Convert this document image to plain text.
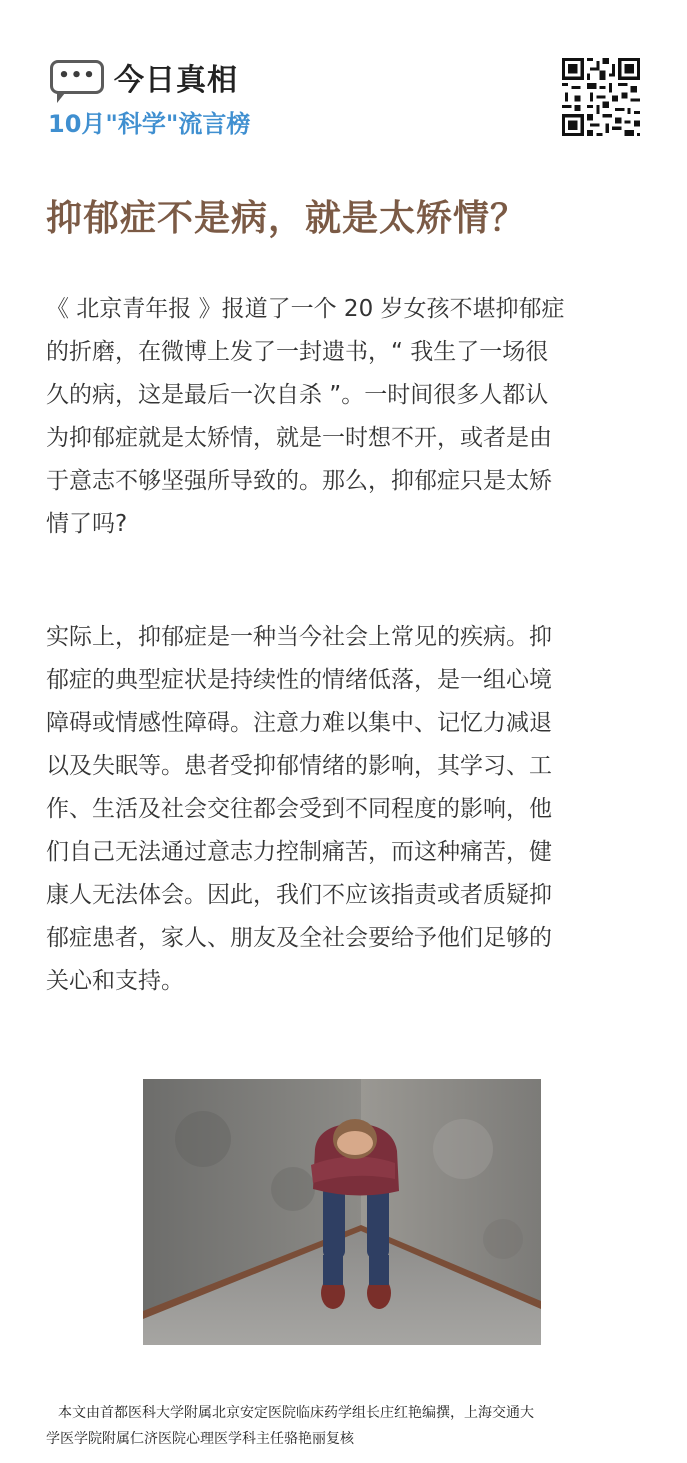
••• 今日真相
10月"科学"流言榜
抑郁症不是病，就是太矫情？
《 北京青年报 》报道了一个 20 岁女孩不堪抑郁症
的折磨，在微博上发了一封遗书，“ 我生了一场很
久的病，这是最后一次自杀 ”。一时间很多人都认
为抑郁症就是太矫情，就是一时想不开，或者是由
于意志不够坚强所导致的。那么，抑郁症只是太矫
情了吗?
实际上，抑郁症是一种当今社会上常见的疾病。抑
郁症的典型症状是持续性的情绪低落，是一组心境
障碍或情感性障碍。注意力难以集中、记忆力减退
以及失眠等。患者受抑郁情绪的影响，其学习、工
作、生活及社会交往都会受到不同程度的影响，他
们自己无法通过意志力控制痛苦，而这种痛苦，健
康人无法体会。因此，我们不应该指责或者质疑抑
郁症患者，家人、朋友及全社会要给予他们足够的
关心和支持。
本文由首都医科大学附属北京安定医院临床药学组长庄红艳编撰，上海交通大
学医学院附属仁济医院心理医学科主任骆艳丽复核
